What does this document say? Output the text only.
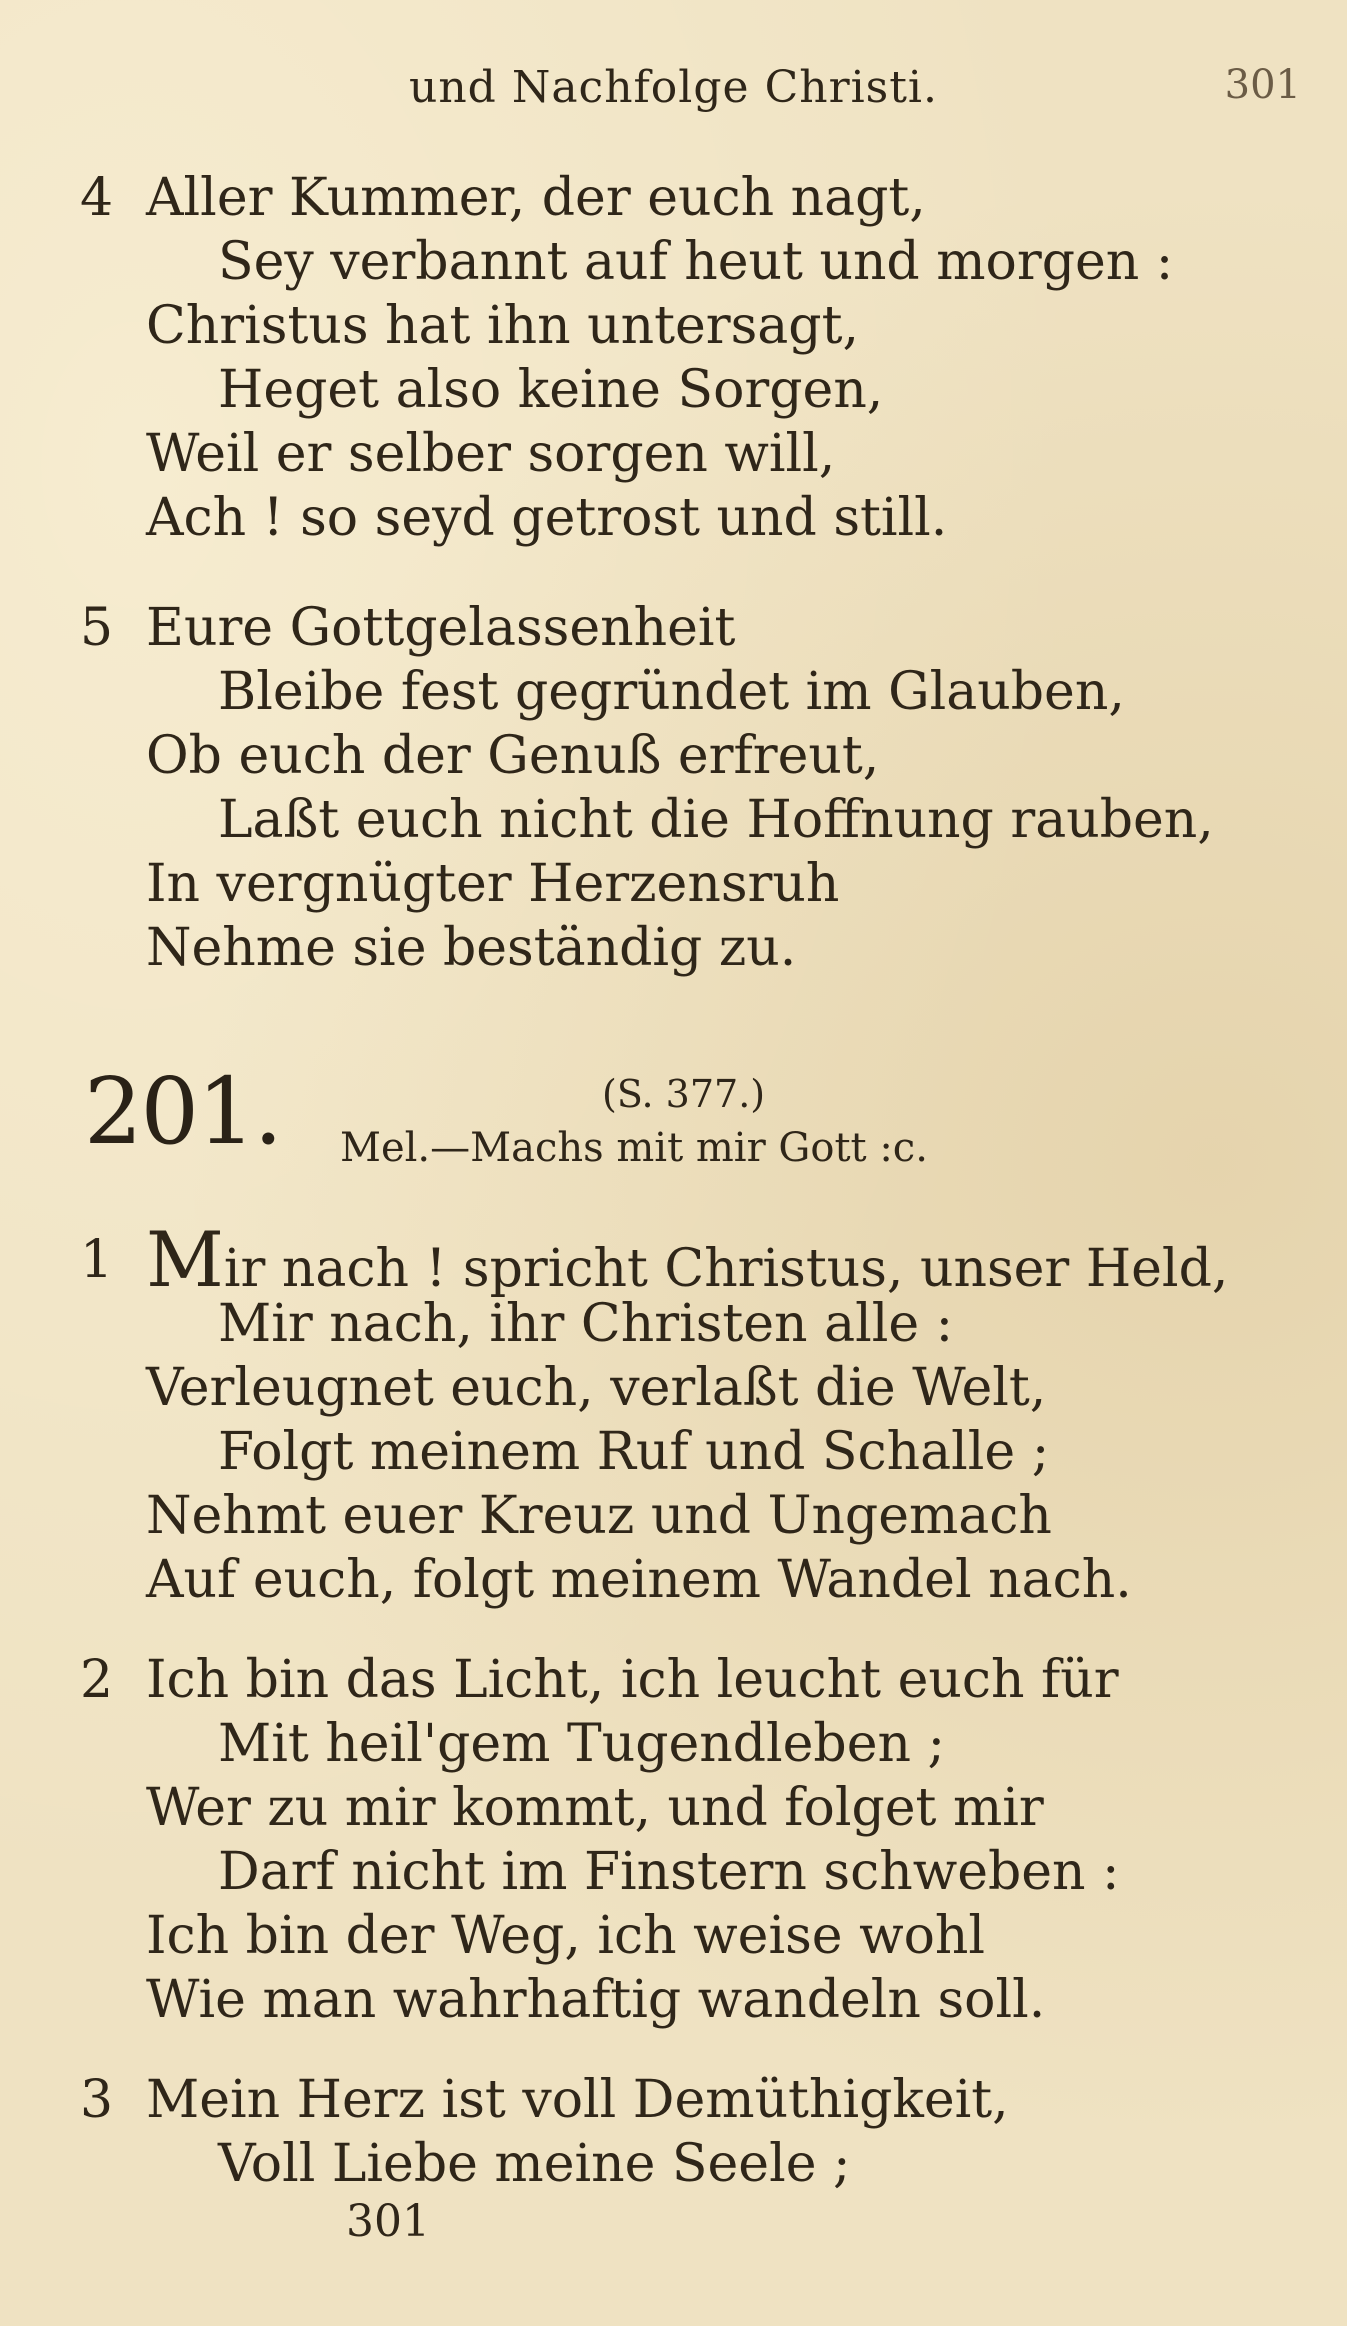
und Nachfolge Christi.	301
4 Aller Kummer, der euch nagt,
Sey verbannt auf heut und morgen :
Christus hat ihn untersagt,
Heget also keine Sorgen,
Weil er selber sorgen will,
Ach ! so seyd getrost und still.
5 Eure Gottgelassenheit
Bleibe fest gegründet im Glauben,
Ob euch der Genuß erfreut,
Laßt euch nicht die Hoffnung rauben,
In vergnügter Herzensruh
Nehme sie beständig zu.
201.	(S. 377.)
Mel.—Machs mit mir Gott :c.
1 Mir nach ! spricht Christus, unser Held,
Mir nach, ihr Christen alle :
Verleugnet euch, verlaßt die Welt,
Folgt meinem Ruf und Schalle ;
Nehmt euer Kreuz und Ungemach
Auf euch, folgt meinem Wandel nach.
2 Ich bin das Licht, ich leucht euch für
Mit heil'gem Tugendleben ;
Wer zu mir kommt, und folget mir
Darf nicht im Finstern schweben :
Ich bin der Weg, ich weise wohl
Wie man wahrhaftig wandeln soll.
3 Mein Herz ist voll Demüthigkeit,
Voll Liebe meine Seele ;
301
